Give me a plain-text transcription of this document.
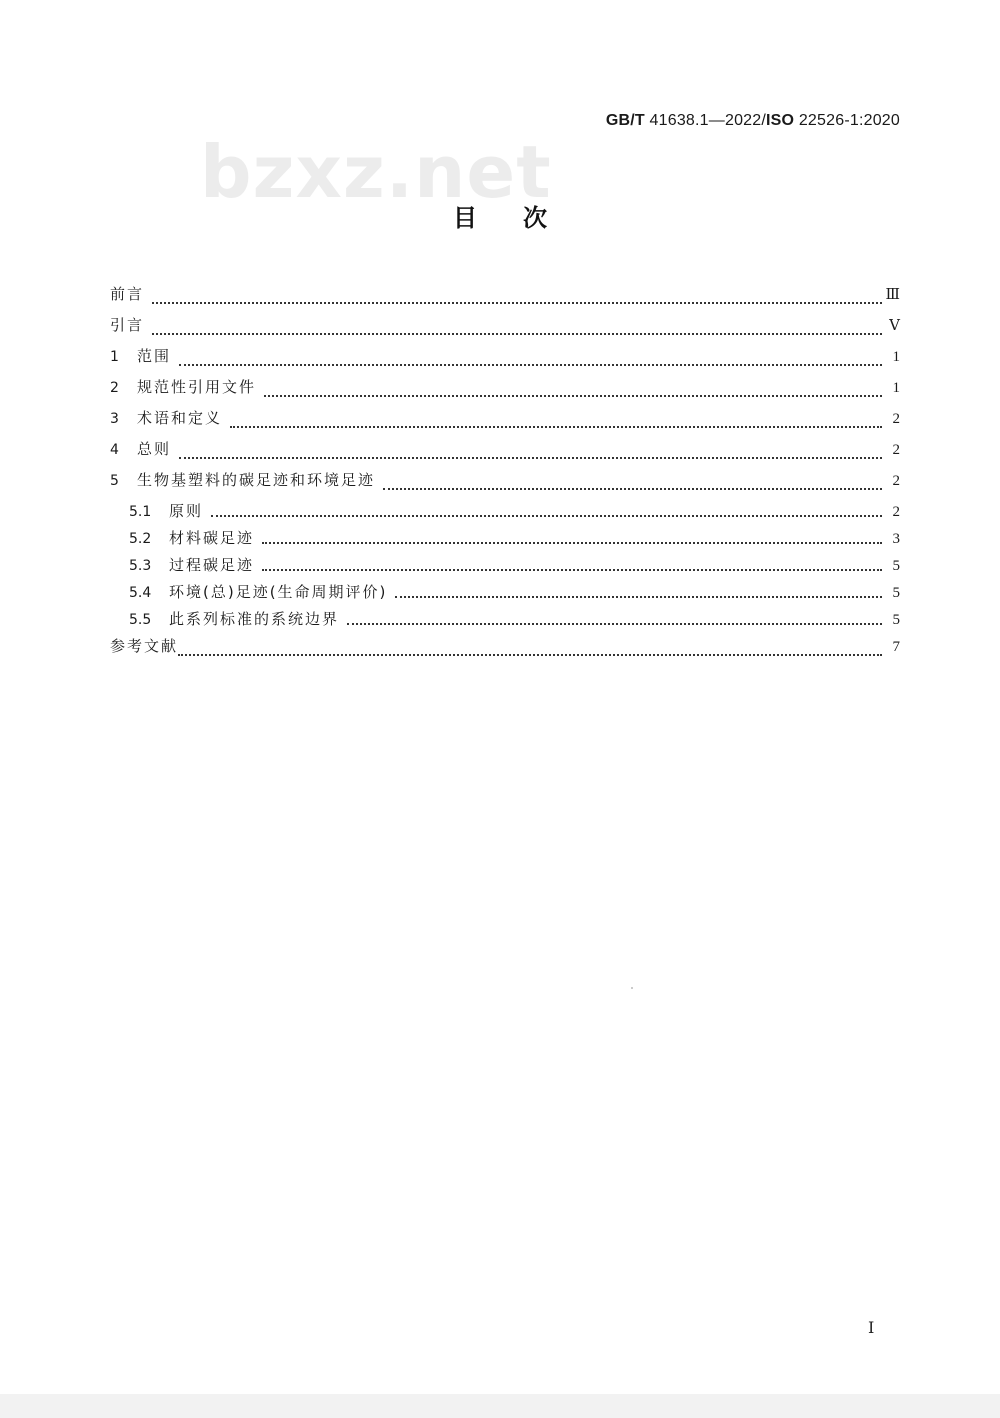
bzxz.net
GB/T 41638.1—2022/ISO 22526-1:2020
目次
前言	Ⅲ
引言	Ⅴ
1	范围	1
2	规范性引用文件	1
3	术语和定义	2
4	总则	2
5	生物基塑料的碳足迹和环境足迹	2
5.1	原则	2
5.2	材料碳足迹	3
5.3	过程碳足迹	5
5.4	环境(总)足迹(生命周期评价)	5
5.5	此系列标准的系统边界	5
参考文献	7
Ⅰ
